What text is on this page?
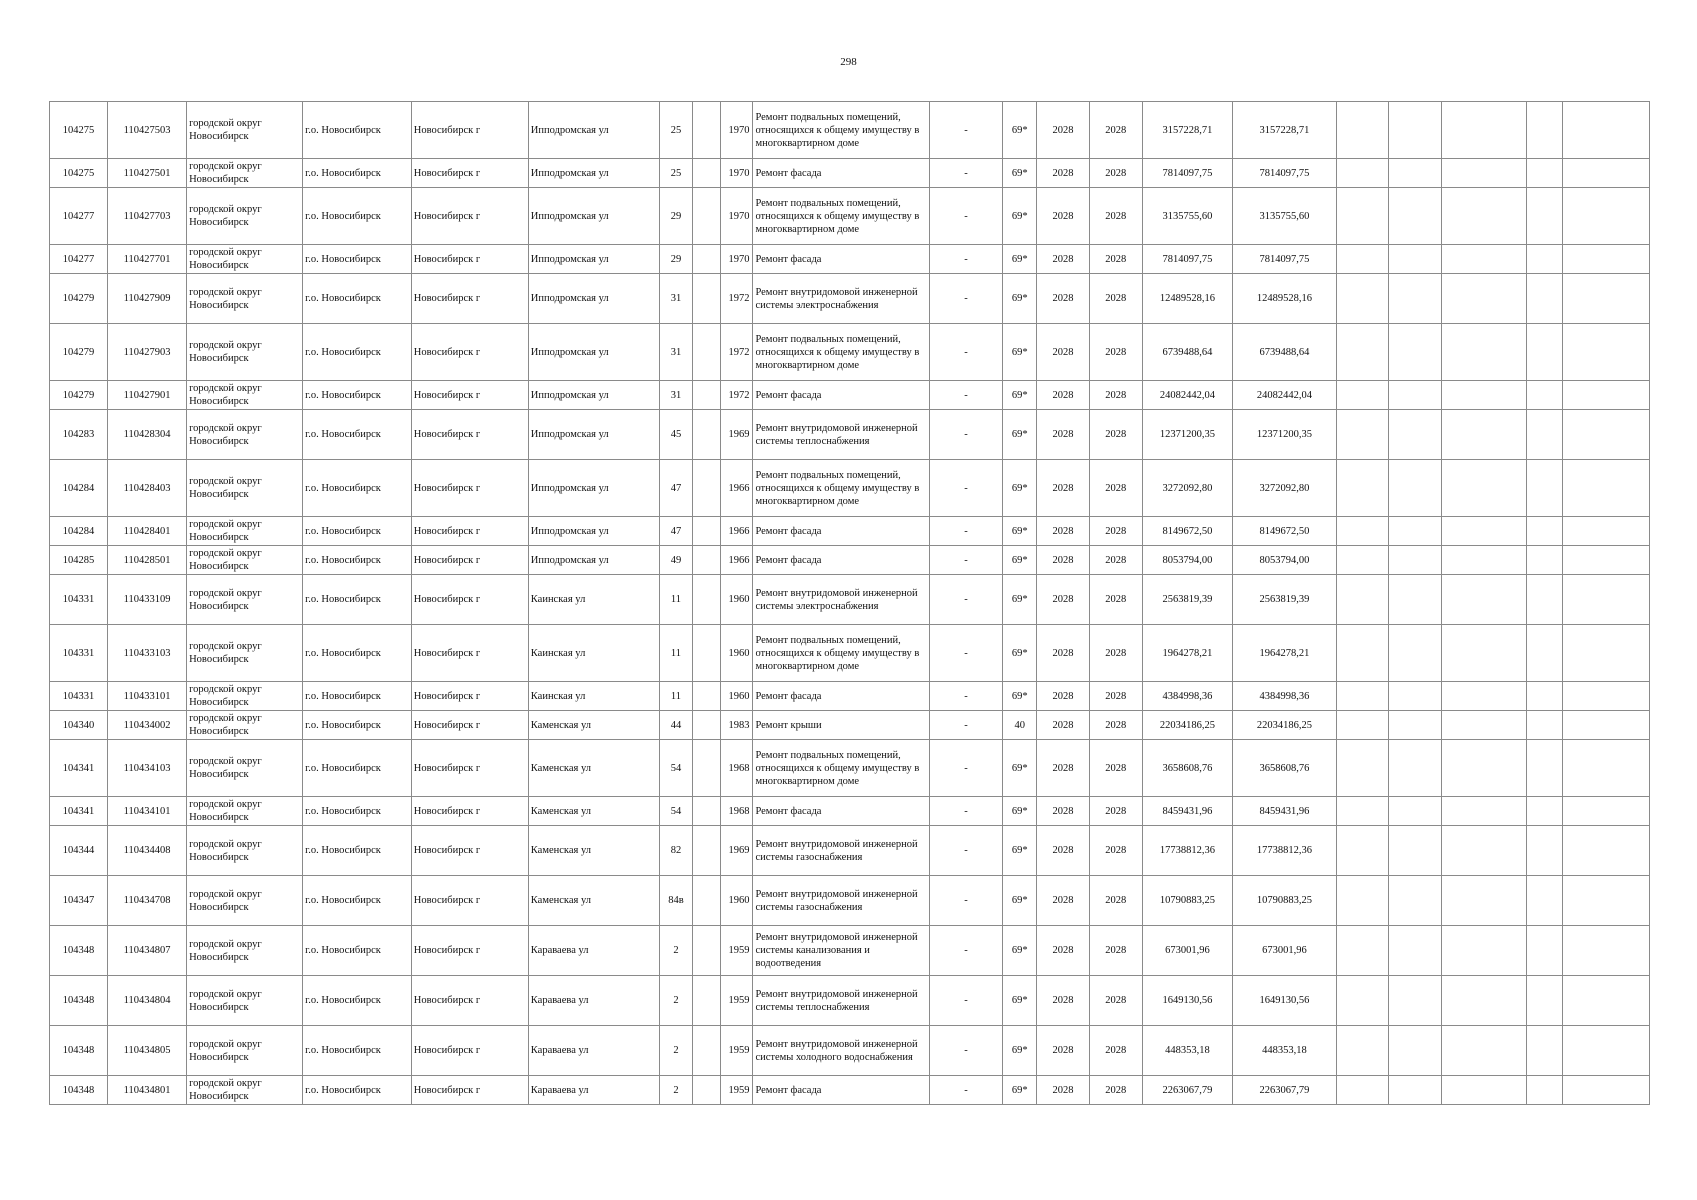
298
104275	110427503	городской округ Новосибирск	г.о. Новосибирск	Новосибирск г	Ипподромская ул	25		1970	Ремонт подвальных помещений, относящихся к общему имуществу в многоквартирном доме	-	69*	2028	2028	3157228,71	3157228,71					
104275	110427501	городской округ Новосибирск	г.о. Новосибирск	Новосибирск г	Ипподромская ул	25		1970	Ремонт фасада	-	69*	2028	2028	7814097,75	7814097,75					
104277	110427703	городской округ Новосибирск	г.о. Новосибирск	Новосибирск г	Ипподромская ул	29		1970	Ремонт подвальных помещений, относящихся к общему имуществу в многоквартирном доме	-	69*	2028	2028	3135755,60	3135755,60					
104277	110427701	городской округ Новосибирск	г.о. Новосибирск	Новосибирск г	Ипподромская ул	29		1970	Ремонт фасада	-	69*	2028	2028	7814097,75	7814097,75					
104279	110427909	городской округ Новосибирск	г.о. Новосибирск	Новосибирск г	Ипподромская ул	31		1972	Ремонт внутридомовой инженерной системы электроснабжения	-	69*	2028	2028	12489528,16	12489528,16					
104279	110427903	городской округ Новосибирск	г.о. Новосибирск	Новосибирск г	Ипподромская ул	31		1972	Ремонт подвальных помещений, относящихся к общему имуществу в многоквартирном доме	-	69*	2028	2028	6739488,64	6739488,64					
104279	110427901	городской округ Новосибирск	г.о. Новосибирск	Новосибирск г	Ипподромская ул	31		1972	Ремонт фасада	-	69*	2028	2028	24082442,04	24082442,04					
104283	110428304	городской округ Новосибирск	г.о. Новосибирск	Новосибирск г	Ипподромская ул	45		1969	Ремонт внутридомовой инженерной системы теплоснабжения	-	69*	2028	2028	12371200,35	12371200,35					
104284	110428403	городской округ Новосибирск	г.о. Новосибирск	Новосибирск г	Ипподромская ул	47		1966	Ремонт подвальных помещений, относящихся к общему имуществу в многоквартирном доме	-	69*	2028	2028	3272092,80	3272092,80					
104284	110428401	городской округ Новосибирск	г.о. Новосибирск	Новосибирск г	Ипподромская ул	47		1966	Ремонт фасада	-	69*	2028	2028	8149672,50	8149672,50					
104285	110428501	городской округ Новосибирск	г.о. Новосибирск	Новосибирск г	Ипподромская ул	49		1966	Ремонт фасада	-	69*	2028	2028	8053794,00	8053794,00					
104331	110433109	городской округ Новосибирск	г.о. Новосибирск	Новосибирск г	Каинская ул	11		1960	Ремонт внутридомовой инженерной системы электроснабжения	-	69*	2028	2028	2563819,39	2563819,39					
104331	110433103	городской округ Новосибирск	г.о. Новосибирск	Новосибирск г	Каинская ул	11		1960	Ремонт подвальных помещений, относящихся к общему имуществу в многоквартирном доме	-	69*	2028	2028	1964278,21	1964278,21					
104331	110433101	городской округ Новосибирск	г.о. Новосибирск	Новосибирск г	Каинская ул	11		1960	Ремонт фасада	-	69*	2028	2028	4384998,36	4384998,36					
104340	110434002	городской округ Новосибирск	г.о. Новосибирск	Новосибирск г	Каменская ул	44		1983	Ремонт крыши	-	40	2028	2028	22034186,25	22034186,25					
104341	110434103	городской округ Новосибирск	г.о. Новосибирск	Новосибирск г	Каменская ул	54		1968	Ремонт подвальных помещений, относящихся к общему имуществу в многоквартирном доме	-	69*	2028	2028	3658608,76	3658608,76					
104341	110434101	городской округ Новосибирск	г.о. Новосибирск	Новосибирск г	Каменская ул	54		1968	Ремонт фасада	-	69*	2028	2028	8459431,96	8459431,96					
104344	110434408	городской округ Новосибирск	г.о. Новосибирск	Новосибирск г	Каменская ул	82		1969	Ремонт внутридомовой инженерной системы газоснабжения	-	69*	2028	2028	17738812,36	17738812,36					
104347	110434708	городской округ Новосибирск	г.о. Новосибирск	Новосибирск г	Каменская ул	84в		1960	Ремонт внутридомовой инженерной системы газоснабжения	-	69*	2028	2028	10790883,25	10790883,25					
104348	110434807	городской округ Новосибирск	г.о. Новосибирск	Новосибирск г	Караваева ул	2		1959	Ремонт внутридомовой инженерной системы канализования и водоотведения	-	69*	2028	2028	673001,96	673001,96					
104348	110434804	городской округ Новосибирск	г.о. Новосибирск	Новосибирск г	Караваева ул	2		1959	Ремонт внутридомовой инженерной системы теплоснабжения	-	69*	2028	2028	1649130,56	1649130,56					
104348	110434805	городской округ Новосибирск	г.о. Новосибирск	Новосибирск г	Караваева ул	2		1959	Ремонт внутридомовой инженерной системы холодного водоснабжения	-	69*	2028	2028	448353,18	448353,18					
104348	110434801	городской округ Новосибирск	г.о. Новосибирск	Новосибирск г	Караваева ул	2		1959	Ремонт фасада	-	69*	2028	2028	2263067,79	2263067,79					
